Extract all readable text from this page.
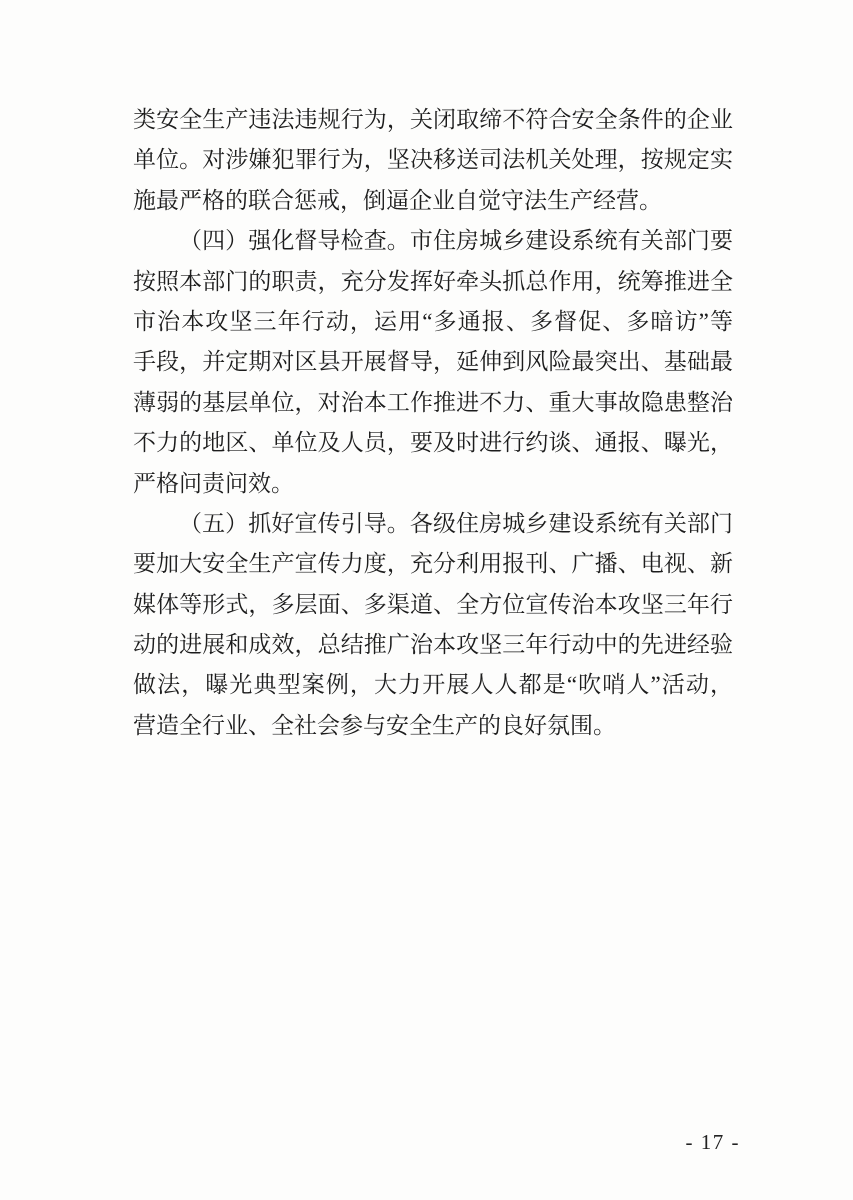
类安全生产违法违规行为，关闭取缔不符合安全条件的企业
单位。对涉嫌犯罪行为，坚决移送司法机关处理，按规定实
施最严格的联合惩戒，倒逼企业自觉守法生产经营。
（四）强化督导检查。市住房城乡建设系统有关部门要
按照本部门的职责，充分发挥好牵头抓总作用，统筹推进全
市治本攻坚三年行动，运用“多通报、多督促、多暗访”等
手段，并定期对区县开展督导，延伸到风险最突出、基础最
薄弱的基层单位，对治本工作推进不力、重大事故隐患整治
不力的地区、单位及人员，要及时进行约谈、通报、曝光，
严格问责问效。
（五）抓好宣传引导。各级住房城乡建设系统有关部门
要加大安全生产宣传力度，充分利用报刊、广播、电视、新
媒体等形式，多层面、多渠道、全方位宣传治本攻坚三年行
动的进展和成效，总结推广治本攻坚三年行动中的先进经验
做法，曝光典型案例，大力开展人人都是“吹哨人”活动，
营造全行业、全社会参与安全生产的良好氛围。
- 17 -
